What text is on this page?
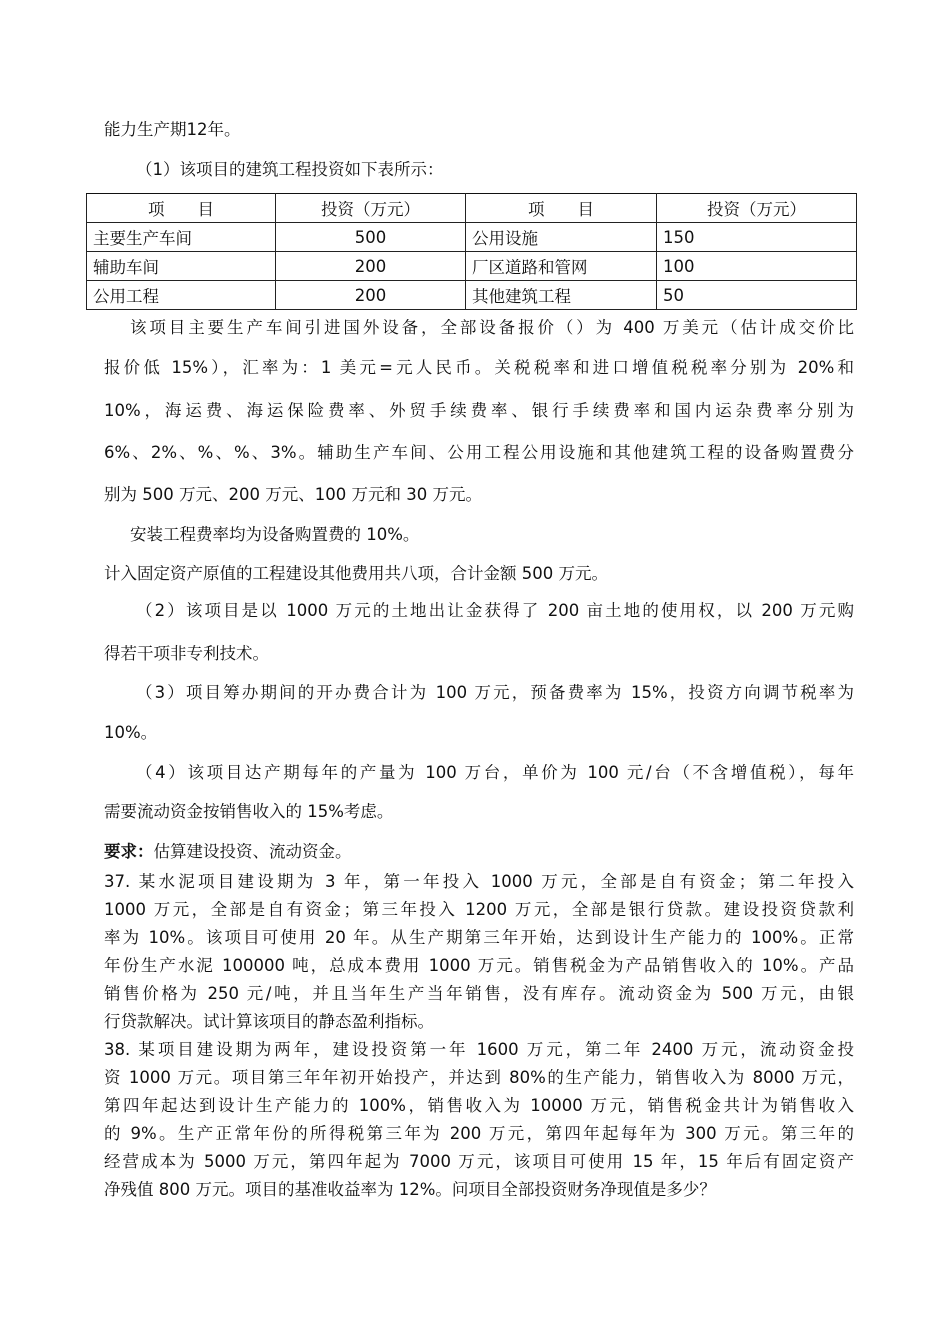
能力生产期12年。
（1）该项目的建筑工程投资如下表所示：
项　　目	投资（万元）	项　　目	投资（万元）
主要生产车间	500	公用设施	150
辅助车间	200	厂区道路和管网	100
公用工程	200	其他建筑工程	50
该项目主要生产车间引进国外设备，全部设备报价（）为 400 万美元（估计成交价比
报价低 15%），汇率为：1 美元=元人民币。关税税率和进口增值税税率分别为 20%和
10%，海运费、海运保险费率、外贸手续费率、银行手续费率和国内运杂费率分别为
6%、2%、%、%、3%。辅助生产车间、公用工程公用设施和其他建筑工程的设备购置费分
别为 500 万元、200 万元、100 万元和 30 万元。
安装工程费率均为设备购置费的 10%。
计入固定资产原值的工程建设其他费用共八项，合计金额 500 万元。
（2）该项目是以 1000 万元的土地出让金获得了 200 亩土地的使用权，以 200 万元购
得若干项非专利技术。
（3）项目筹办期间的开办费合计为 100 万元，预备费率为 15%，投资方向调节税率为
10%。
（4）该项目达产期每年的产量为 100 万台，单价为 100 元/台（不含增值税），每年
需要流动资金按销售收入的 15%考虑。
要求：估算建设投资、流动资金。
37. 某水泥项目建设期为 3 年，第一年投入 1000 万元，全部是自有资金；第二年投入
1000 万元，全部是自有资金；第三年投入 1200 万元，全部是银行贷款。建设投资贷款利
率为 10%。该项目可使用 20 年。从生产期第三年开始，达到设计生产能力的 100%。正常
年份生产水泥 100000 吨，总成本费用 1000 万元。销售税金为产品销售收入的 10%。产品
销售价格为 250 元/吨，并且当年生产当年销售，没有库存。流动资金为 500 万元，由银
行贷款解决。试计算该项目的静态盈利指标。
38. 某项目建设期为两年，建设投资第一年 1600 万元，第二年 2400 万元，流动资金投
资 1000 万元。项目第三年年初开始投产，并达到 80%的生产能力，销售收入为 8000 万元，
第四年起达到设计生产能力的 100%，销售收入为 10000 万元，销售税金共计为销售收入
的 9%。生产正常年份的所得税第三年为 200 万元，第四年起每年为 300 万元。第三年的
经营成本为 5000 万元，第四年起为 7000 万元，该项目可使用 15 年，15 年后有固定资产
净残值 800 万元。项目的基准收益率为 12%。问项目全部投资财务净现值是多少？
